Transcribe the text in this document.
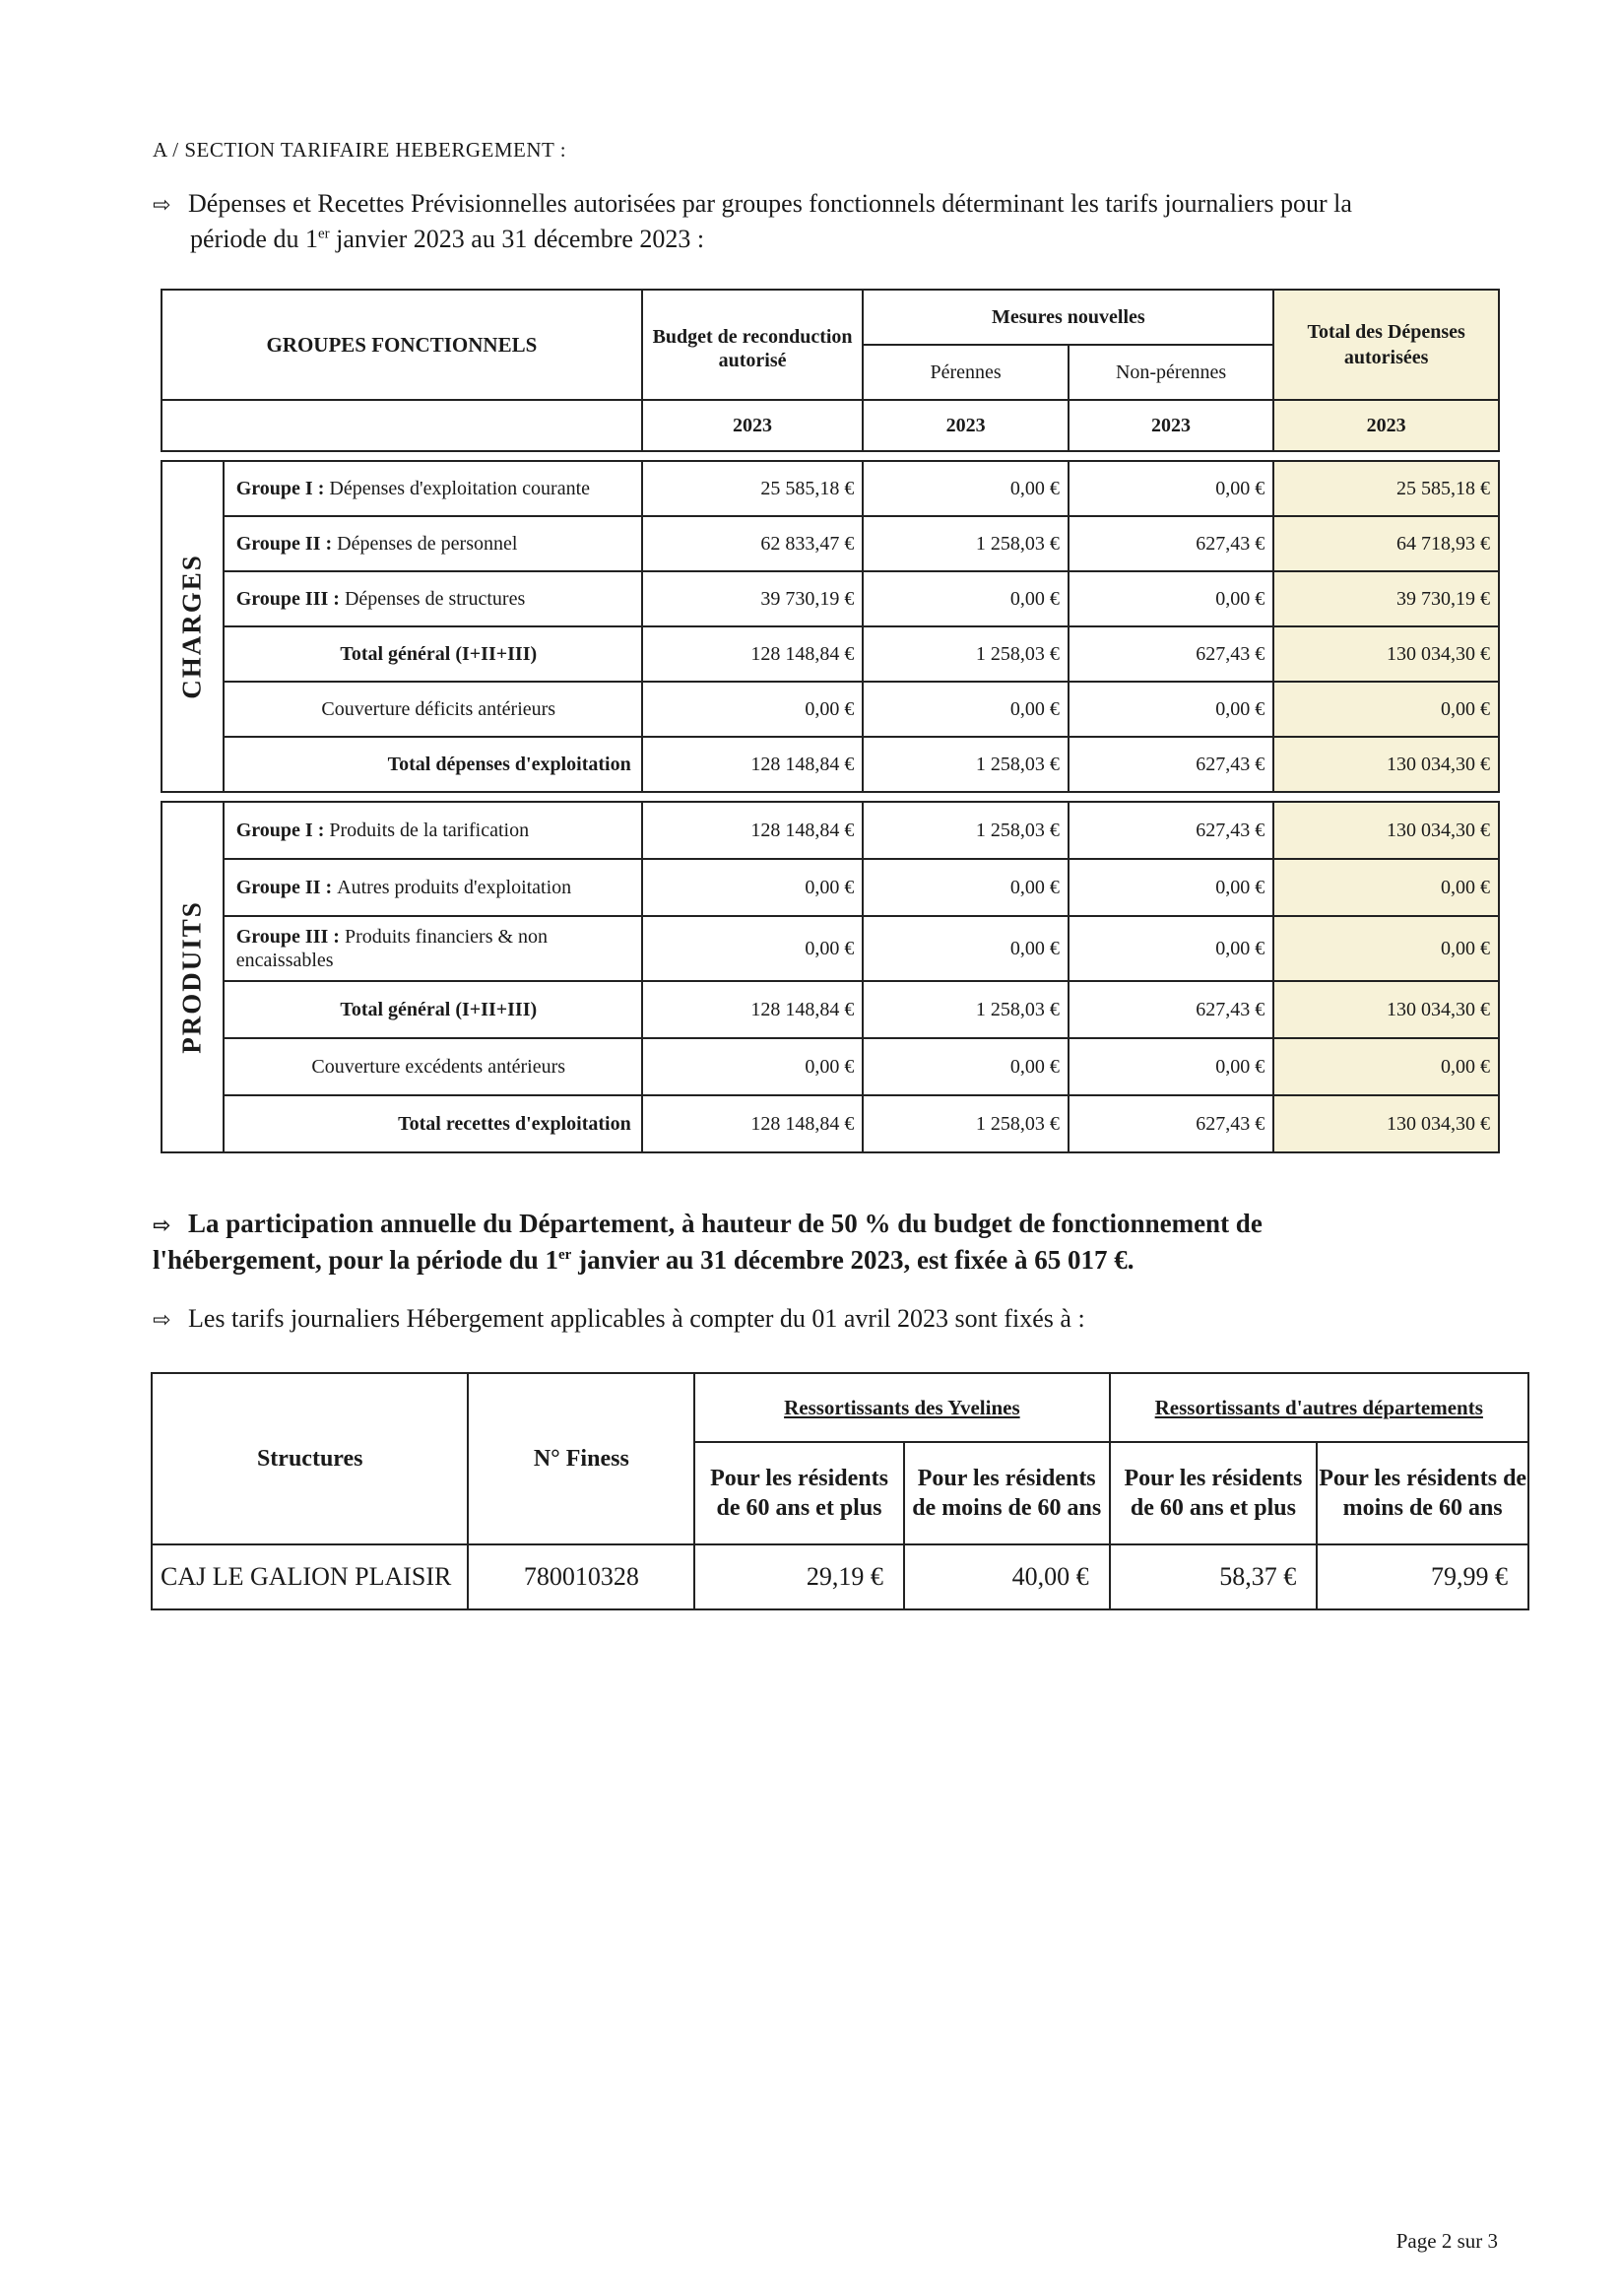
A / SECTION TARIFAIRE HEBERGEMENT :
⇨ Dépenses et Recettes Prévisionnelles autorisées par groupes fonctionnels déterminant les tarifs journaliers pour la
période du 1er janvier 2023 au 31 décembre 2023 :
GROUPES FONCTIONNELS		Budget de reconduction autorisé	Mesures nouvelles		Total des Dépenses autorisées
			Pérennes	Non-pérennes	
		2023	2023	2023	2023

CHARGES	Groupe I : Dépenses d'exploitation courante	25 585,18 €	0,00 €	0,00 €	25 585,18 €
	Groupe II : Dépenses de personnel	62 833,47 €	1 258,03 €	627,43 €	64 718,93 €
	Groupe III : Dépenses de structures	39 730,19 €	0,00 €	0,00 €	39 730,19 €
	Total général (I+II+III)	128 148,84 €	1 258,03 €	627,43 €	130 034,30 €
	Couverture déficits antérieurs	0,00 €	0,00 €	0,00 €	0,00 €
	Total dépenses d'exploitation	128 148,84 €	1 258,03 €	627,43 €	130 034,30 €

PRODUITS	Groupe I : Produits de la tarification	128 148,84 €	1 258,03 €	627,43 €	130 034,30 €
	Groupe II : Autres produits d'exploitation	0,00 €	0,00 €	0,00 €	0,00 €
	Groupe III : Produits financiers & non encaissables	0,00 €	0,00 €	0,00 €	0,00 €
	Total général (I+II+III)	128 148,84 €	1 258,03 €	627,43 €	130 034,30 €
	Couverture excédents antérieurs	0,00 €	0,00 €	0,00 €	0,00 €
	Total recettes d'exploitation	128 148,84 €	1 258,03 €	627,43 €	130 034,30 €
⇨ La participation annuelle du Département, à hauteur de 50 % du budget de fonctionnement de
l'hébergement, pour la période du 1er janvier au 31 décembre 2023, est fixée à 65 017 €.
⇨ Les tarifs journaliers Hébergement applicables à compter du 01 avril 2023 sont fixés à :
Structures	N° Finess	Ressortissants des Yvelines		Ressortissants d'autres départements	
		Pour les résidents de 60 ans et plus	Pour les résidents de moins de 60 ans	Pour les résidents de 60 ans et plus	Pour les résidents de moins de 60 ans
CAJ LE GALION PLAISIR	780010328	29,19 €	40,00 €	58,37 €	79,99 €
Page 2 sur 3
